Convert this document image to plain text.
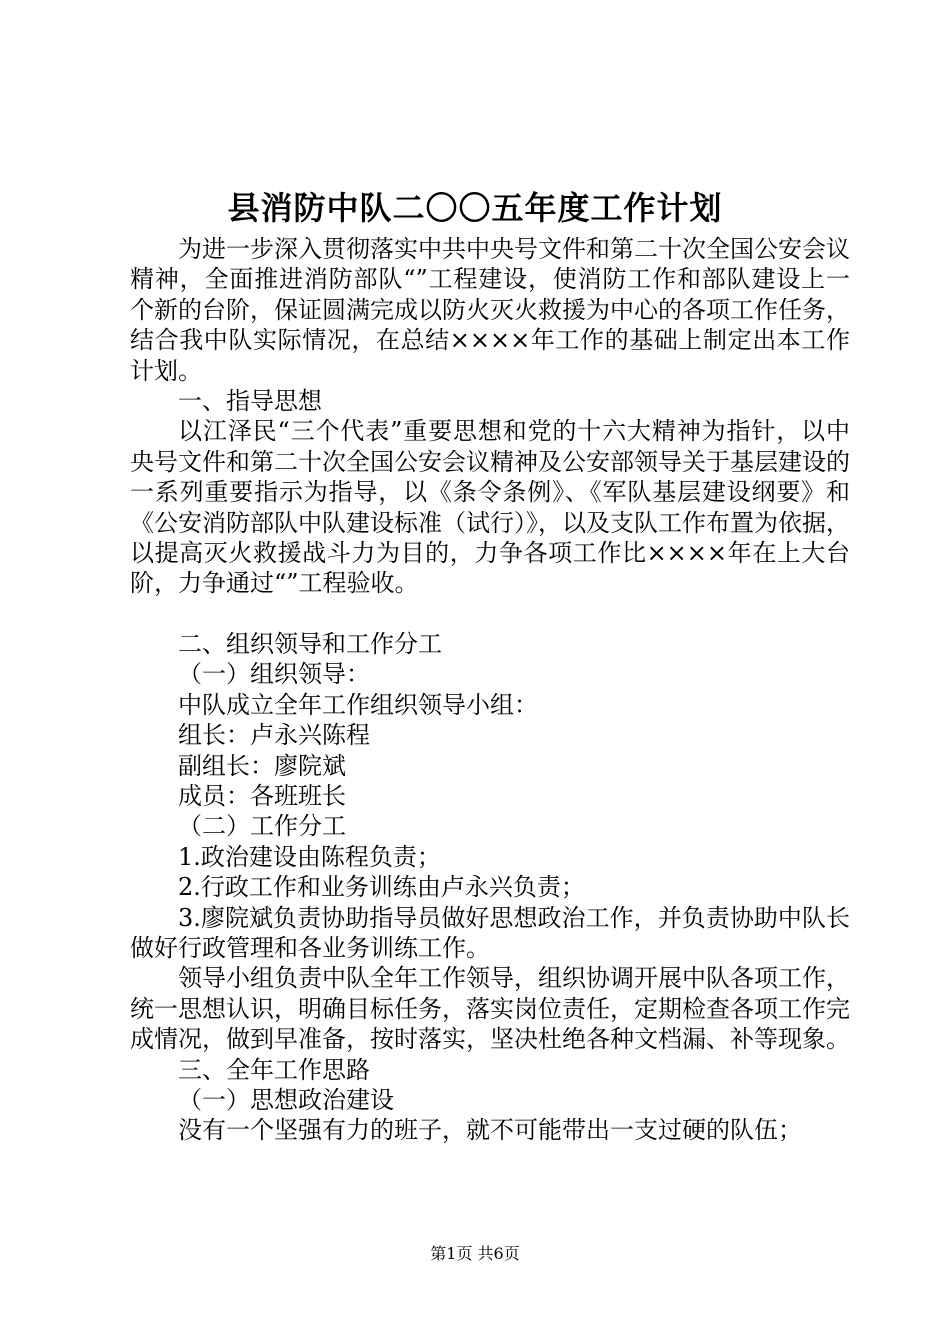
县消防中队二〇〇五年度工作计划

为进一步深入贯彻落实中共中央号文件和第二十次全国公安会议精神，全面推进消防部队“”工程建设，使消防工作和部队建设上一个新的台阶，保证圆满完成以防火灭火救援为中心的各项工作任务，结合我中队实际情况，在总结××××年工作的基础上制定出本工作计划。

一、指导思想

以江泽民“三个代表”重要思想和党的十六大精神为指针，以中央号文件和第二十次全国公安会议精神及公安部领导关于基层建设的一系列重要指示为指导，以《条令条例》、《军队基层建设纲要》和《公安消防部队中队建设标准（试行）》，以及支队工作布置为依据，以提高灭火救援战斗力为目的，力争各项工作比××××年在上大台阶，力争通过“”工程验收。

二、组织领导和工作分工

（一）组织领导：

中队成立全年工作组织领导小组：

组长：卢永兴陈程

副组长：廖院斌

成员：各班班长

（二）工作分工

1.政治建设由陈程负责；

2.行政工作和业务训练由卢永兴负责；

3.廖院斌负责协助指导员做好思想政治工作，并负责协助中队长做好行政管理和各业务训练工作。

领导小组负责中队全年工作领导，组织协调开展中队各项工作，统一思想认识，明确目标任务，落实岗位责任，定期检查各项工作完成情况，做到早准备，按时落实，坚决杜绝各种文档漏、补等现象。

三、全年工作思路

（一）思想政治建设

没有一个坚强有力的班子，就不可能带出一支过硬的队伍；

第1页 共6页
